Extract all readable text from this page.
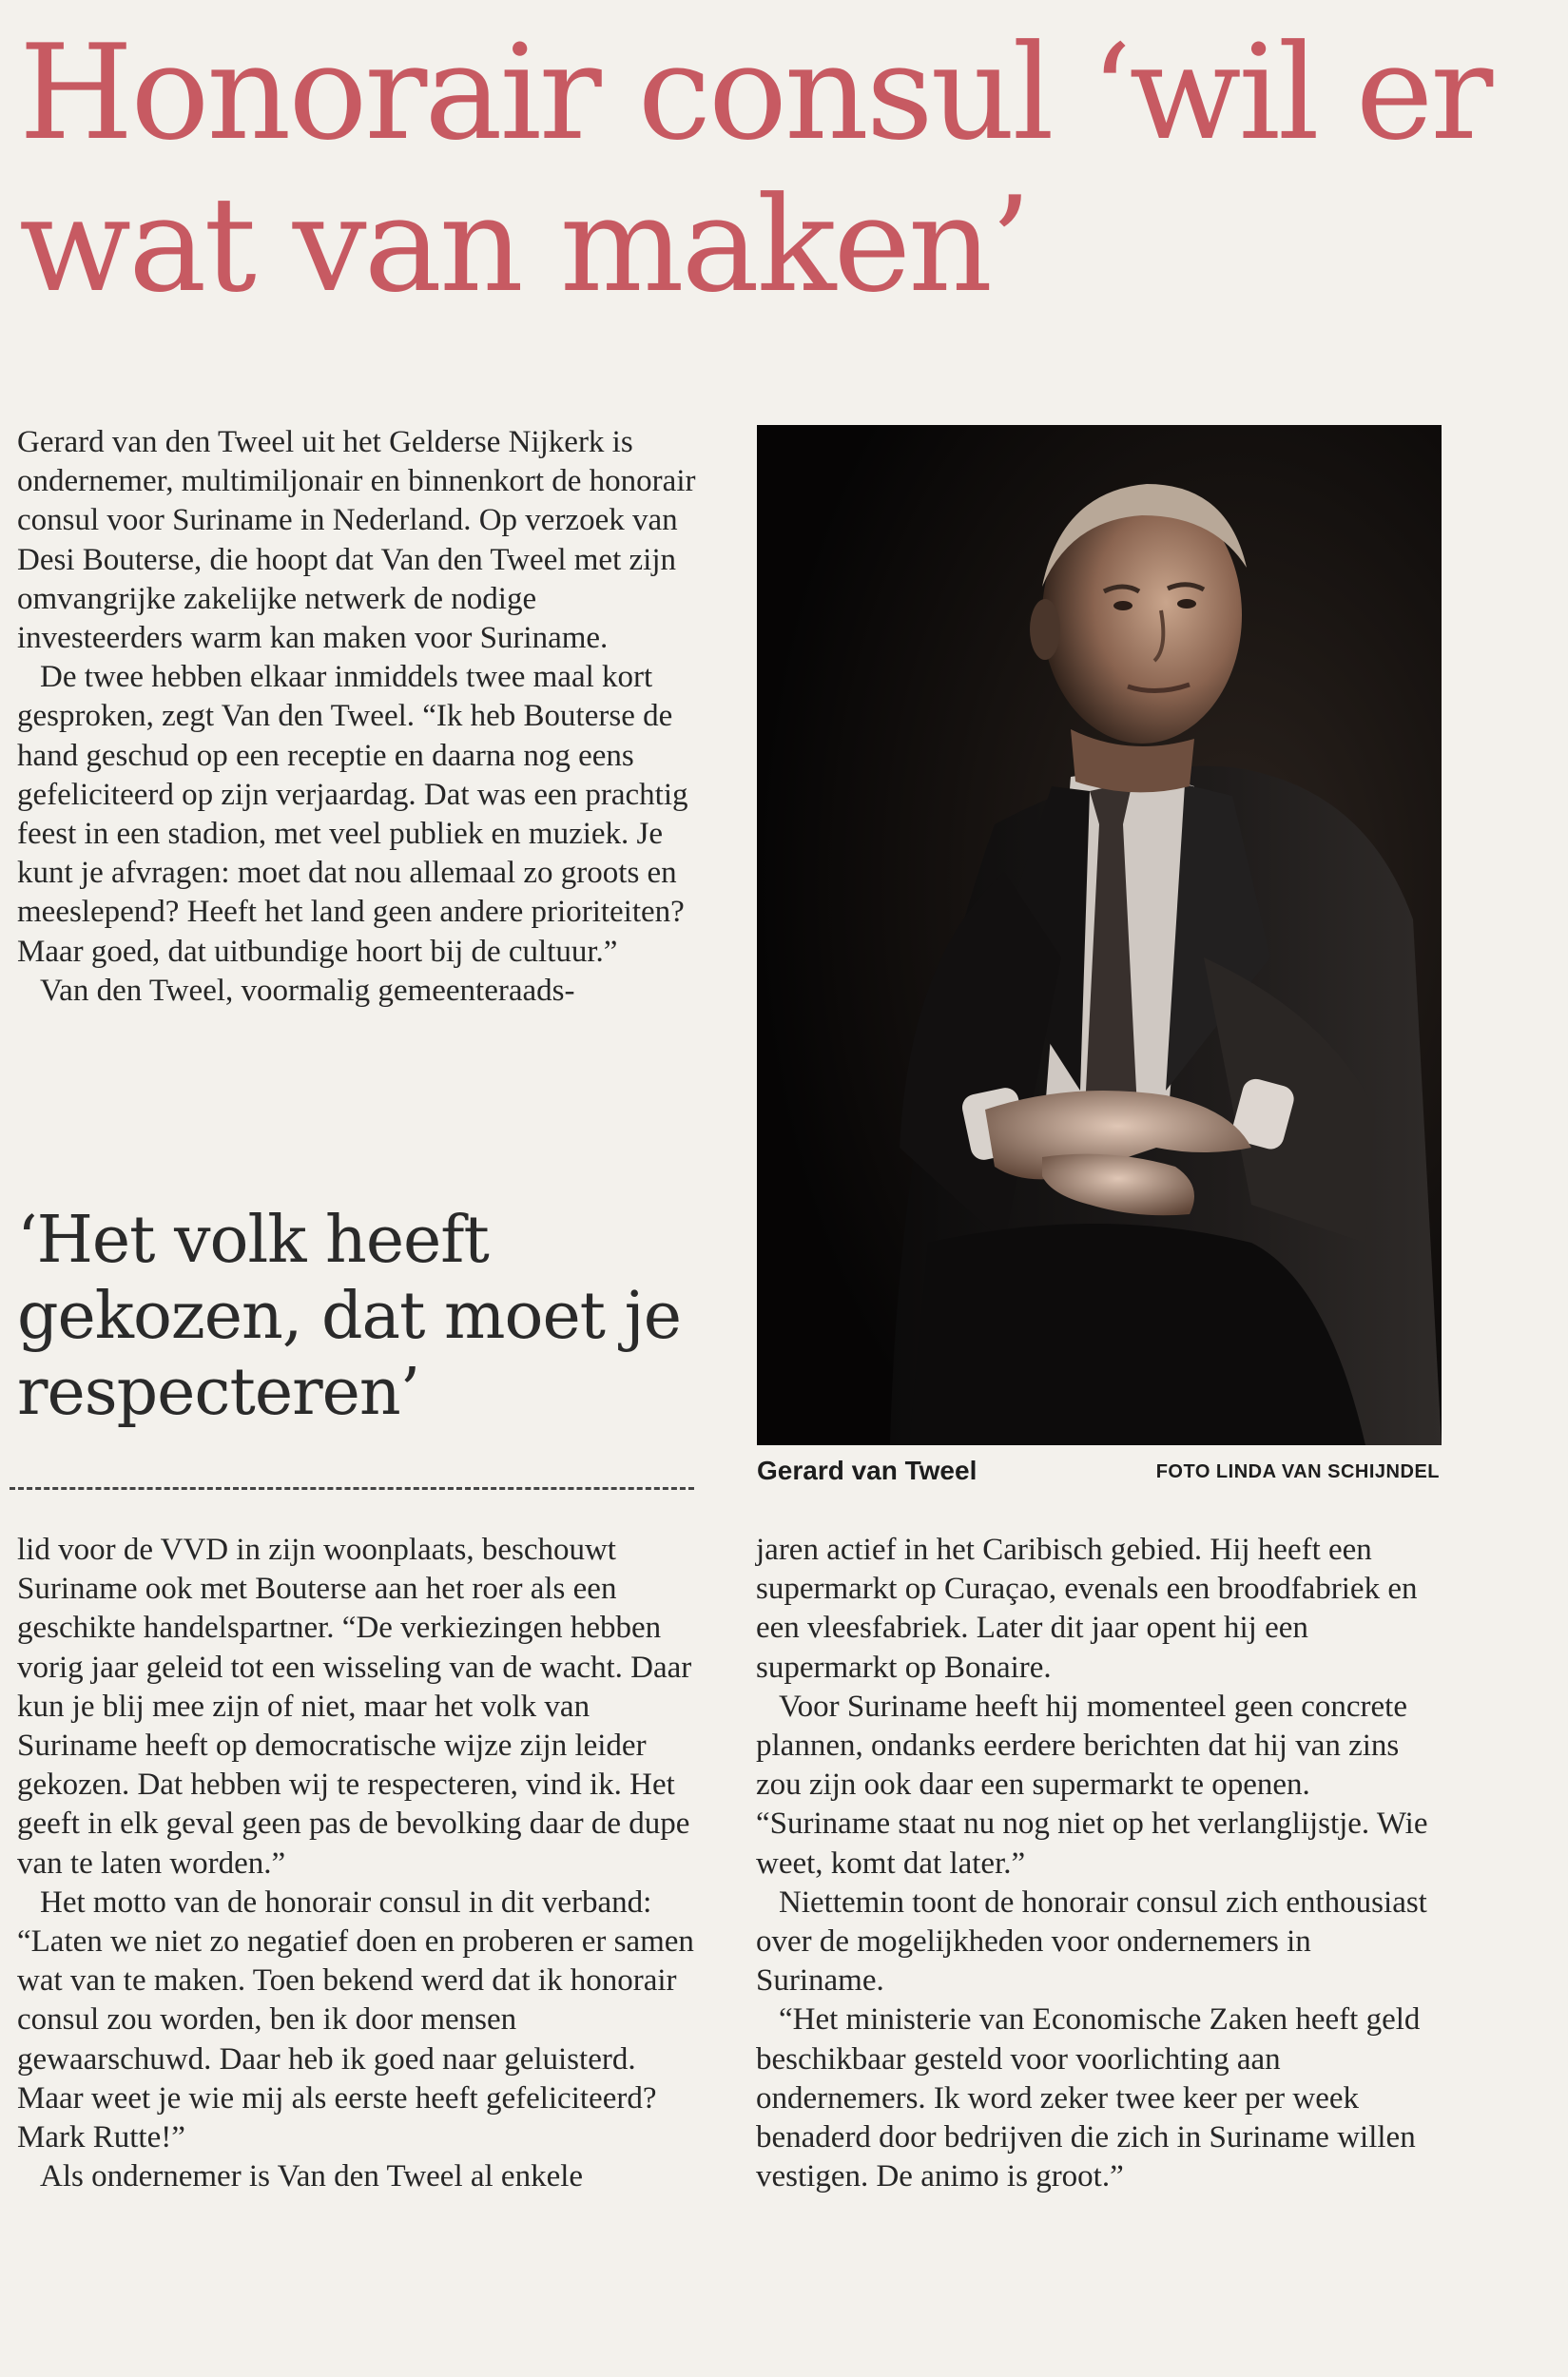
Honorair consul ‘wil er wat van maken’

Gerard van den Tweel uit het Gelderse Nijkerk is ondernemer, multimiljonair en binnenkort de honorair consul voor Suriname in Nederland. Op verzoek van Desi Bouterse, die hoopt dat Van den Tweel met zijn omvangrijke zakelijke netwerk de nodige investeerders warm kan maken voor Suriname.

De twee hebben elkaar inmiddels twee maal kort gesproken, zegt Van den Tweel. “Ik heb Bouterse de hand geschud op een receptie en daarna nog eens gefeliciteerd op zijn verjaardag. Dat was een prachtig feest in een stadion, met veel publiek en muziek. Je kunt je afvragen: moet dat nou allemaal zo groots en meeslepend? Heeft het land geen andere prioriteiten? Maar goed, dat uitbundige hoort bij de cultuur.”

Van den Tweel, voormalig gemeenteraads-

‘Het volk heeft gekozen, dat moet je respecteren’
Gerard van Tweel	FOTO LINDA VAN SCHIJNDEL

lid voor de VVD in zijn woonplaats, beschouwt Suriname ook met Bouterse aan het roer als een geschikte handelspartner. “De verkiezingen hebben vorig jaar geleid tot een wisseling van de wacht. Daar kun je blij mee zijn of niet, maar het volk van Suriname heeft op democratische wijze zijn leider gekozen. Dat hebben wij te respecteren, vind ik. Het geeft in elk geval geen pas de bevolking daar de dupe van te laten worden.”

Het motto van de honorair consul in dit verband: “Laten we niet zo negatief doen en proberen er samen wat van te maken. Toen bekend werd dat ik honorair consul zou worden, ben ik door mensen gewaarschuwd. Daar heb ik goed naar geluisterd. Maar weet je wie mij als eerste heeft gefeliciteerd? Mark Rutte!”

Als ondernemer is Van den Tweel al enkele

jaren actief in het Caribisch gebied. Hij heeft een supermarkt op Curaçao, evenals een broodfabriek en een vleesfabriek. Later dit jaar opent hij een supermarkt op Bonaire.

Voor Suriname heeft hij momenteel geen concrete plannen, ondanks eerdere berichten dat hij van zins zou zijn ook daar een supermarkt te openen. “Suriname staat nu nog niet op het verlanglijstje. Wie weet, komt dat later.”

Niettemin toont de honorair consul zich enthousiast over de mogelijkheden voor ondernemers in Suriname.

“Het ministerie van Economische Zaken heeft geld beschikbaar gesteld voor voorlichting aan ondernemers. Ik word zeker twee keer per week benaderd door bedrijven die zich in Suriname willen vestigen. De animo is groot.”
